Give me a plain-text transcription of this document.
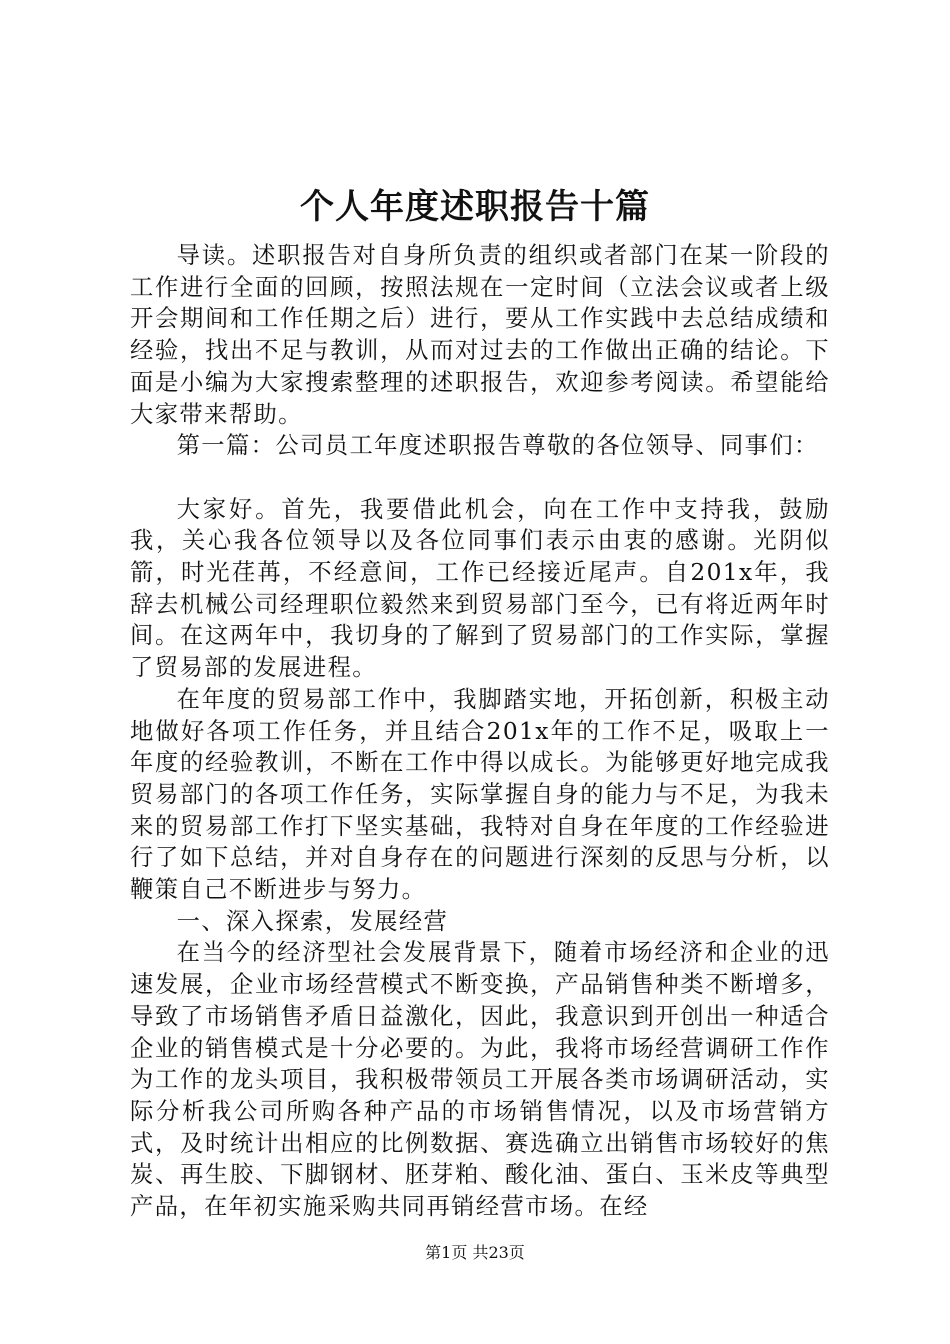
个人年度述职报告十篇

导读。述职报告对自身所负责的组织或者部门在某一阶段的工作进行全面的回顾，按照法规在一定时间（立法会议或者上级开会期间和工作任期之后）进行，要从工作实践中去总结成绩和经验，找出不足与教训，从而对过去的工作做出正确的结论。下面是小编为大家搜索整理的述职报告，欢迎参考阅读。希望能给大家带来帮助。

第一篇：公司员工年度述职报告尊敬的各位领导、同事们：

大家好。首先，我要借此机会，向在工作中支持我，鼓励我，关心我各位领导以及各位同事们表示由衷的感谢。光阴似箭，时光荏苒，不经意间，工作已经接近尾声。自201x年，我辞去机械公司经理职位毅然来到贸易部门至今，已有将近两年时间。在这两年中，我切身的了解到了贸易部门的工作实际，掌握了贸易部的发展进程。

在年度的贸易部工作中，我脚踏实地，开拓创新，积极主动地做好各项工作任务，并且结合201x年的工作不足，吸取上一年度的经验教训，不断在工作中得以成长。为能够更好地完成我贸易部门的各项工作任务，实际掌握自身的能力与不足，为我未来的贸易部工作打下坚实基础，我特对自身在年度的工作经验进行了如下总结，并对自身存在的问题进行深刻的反思与分析，以鞭策自己不断进步与努力。

一、深入探索，发展经营

在当今的经济型社会发展背景下，随着市场经济和企业的迅速发展，企业市场经营模式不断变换，产品销售种类不断增多，导致了市场销售矛盾日益激化，因此，我意识到开创出一种适合企业的销售模式是十分必要的。为此，我将市场经营调研工作作为工作的龙头项目，我积极带领员工开展各类市场调研活动，实际分析我公司所购各种产品的市场销售情况，以及市场营销方式，及时统计出相应的比例数据、赛选确立出销售市场较好的焦炭、再生胶、下脚钢材、胚芽粕、酸化油、蛋白、玉米皮等典型产品，在年初实施采购共同再销经营市场。在经

第1页 共23页
